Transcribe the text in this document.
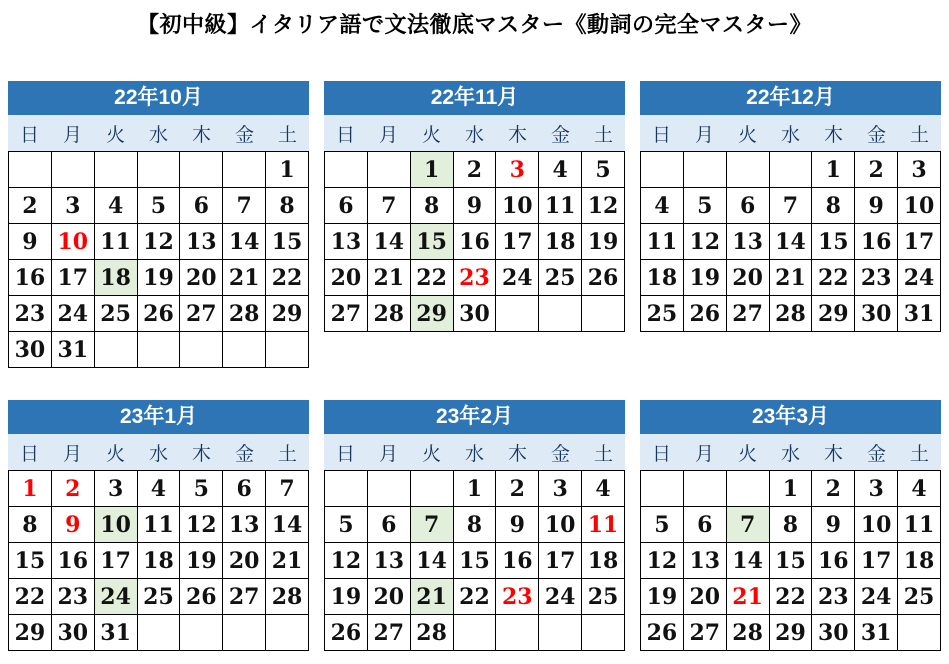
【初中級】イタリア語で文法徹底マスター《動詞の完全マスター》
22年10月
日	月	火	水	木	金	土
						1
2	3	4	5	6	7	8
9	10	11	12	13	14	15
16	17	18	19	20	21	22
23	24	25	26	27	28	29
30	31					
22年11月
日	月	火	水	木	金	土
		1	2	3	4	5
6	7	8	9	10	11	12
13	14	15	16	17	18	19
20	21	22	23	24	25	26
27	28	29	30			
22年12月
日	月	火	水	木	金	土
				1	2	3
4	5	6	7	8	9	10
11	12	13	14	15	16	17
18	19	20	21	22	23	24
25	26	27	28	29	30	31
23年1月
日	月	火	水	木	金	土
1	2	3	4	5	6	7
8	9	10	11	12	13	14
15	16	17	18	19	20	21
22	23	24	25	26	27	28
29	30	31				
23年2月
日	月	火	水	木	金	土
			1	2	3	4
5	6	7	8	9	10	11
12	13	14	15	16	17	18
19	20	21	22	23	24	25
26	27	28				
23年3月
日	月	火	水	木	金	土
			1	2	3	4
5	6	7	8	9	10	11
12	13	14	15	16	17	18
19	20	21	22	23	24	25
26	27	28	29	30	31	
